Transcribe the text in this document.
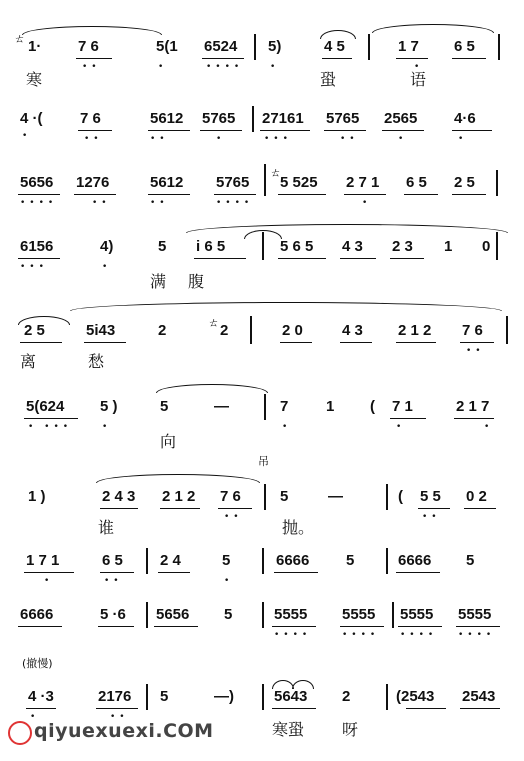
ㄊ 1· 7 6
••
5(1
•
6524
••••
5)
•
4 5	1 7
•
6 5
寒	蛩	语
4 ·(
•
7 6
••
5612
••
5765
•
27161
•••
5765
••
2565
•
4·6
•
5656
••••
1276
••
5612
••
5765
••••
ㄊ
5 525 2 7 1
•
6 5 2 5
6156
•••
4)
•
5 i 6 5	5 6 5 4 3 2 3 1 0
满 腹
2 5	5i43	2	ㄊ 2	2 0	4 3 2 1 2 7 6
••
离	愁
5(624
• •••
5 )
•
5	—	7
•
1 ( 7 1
•
2 1 7
•
向
吊
1 )	2 4 3 2 1 2 7 6
••
5	—	( 5 5
••
0 2
谁	抛。
1 7 1
•
6 5
••
2 4	5
•
6666 5	6666 5
6666	5 ·6 5656 5	5555
••••
5555
••••
5555
••••
5555
••••
(撤慢)
4 ·3
•
2176
••
5	—)	5643 2	(2543 2543
寒蛩 呀
qiyuexuexi.COM
